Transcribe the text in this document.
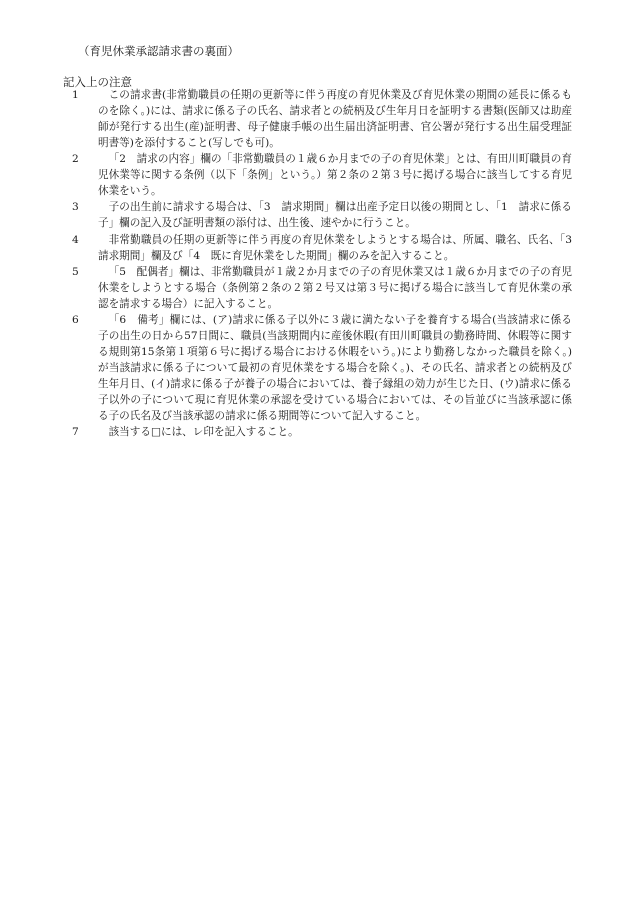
（育児休業承認請求書の裏面）
記入上の注意
1	この請求書(非常勤職員の任期の更新等に伴う再度の育児休業及び育児休業の期間の延長に係るものを除く。)には、請求に係る子の氏名、請求者との続柄及び生年月日を証明する書類(医師又は助産師が発行する出生(産)証明書、母子健康手帳の出生届出済証明書、官公署が発行する出生届受理証明書等)を添付すること(写しでも可)。
2	「2　請求の内容」欄の「非常勤職員の１歳６か月までの子の育児休業」とは、有田川町職員の育児休業等に関する条例（以下「条例」という。）第２条の２第３号に掲げる場合に該当してする育児休業をいう。
3	子の出生前に請求する場合は、「3　請求期間」欄は出産予定日以後の期間とし、「1　請求に係る子」欄の記入及び証明書類の添付は、出生後、速やかに行うこと。
4	非常勤職員の任期の更新等に伴う再度の育児休業をしようとする場合は、所属、職名、氏名、「3　請求期間」欄及び「4　既に育児休業をした期間」欄のみを記入すること。
5	「5　配偶者」欄は、非常勤職員が１歳２か月までの子の育児休業又は１歳６か月までの子の育児休業をしようとする場合（条例第２条の２第２号又は第３号に掲げる場合に該当して育児休業の承認を請求する場合）に記入すること。
6	「6　備考」欄には、(ア)請求に係る子以外に３歳に満たない子を養育する場合(当該請求に係る子の出生の日から57日間に、職員(当該期間内に産後休暇(有田川町職員の勤務時間、休暇等に関する規則第15条第１項第６号に掲げる場合における休暇をいう。)により勤務しなかった職員を除く。)が当該請求に係る子について最初の育児休業をする場合を除く。)、その氏名、請求者との続柄及び生年月日、(イ)請求に係る子が養子の場合においては、養子縁組の効力が生じた日、(ウ)請求に係る子以外の子について現に育児休業の承認を受けている場合においては、その旨並びに当該承認に係る子の氏名及び当該承認の請求に係る期間等について記入すること。
7	該当する□には、レ印を記入すること。
